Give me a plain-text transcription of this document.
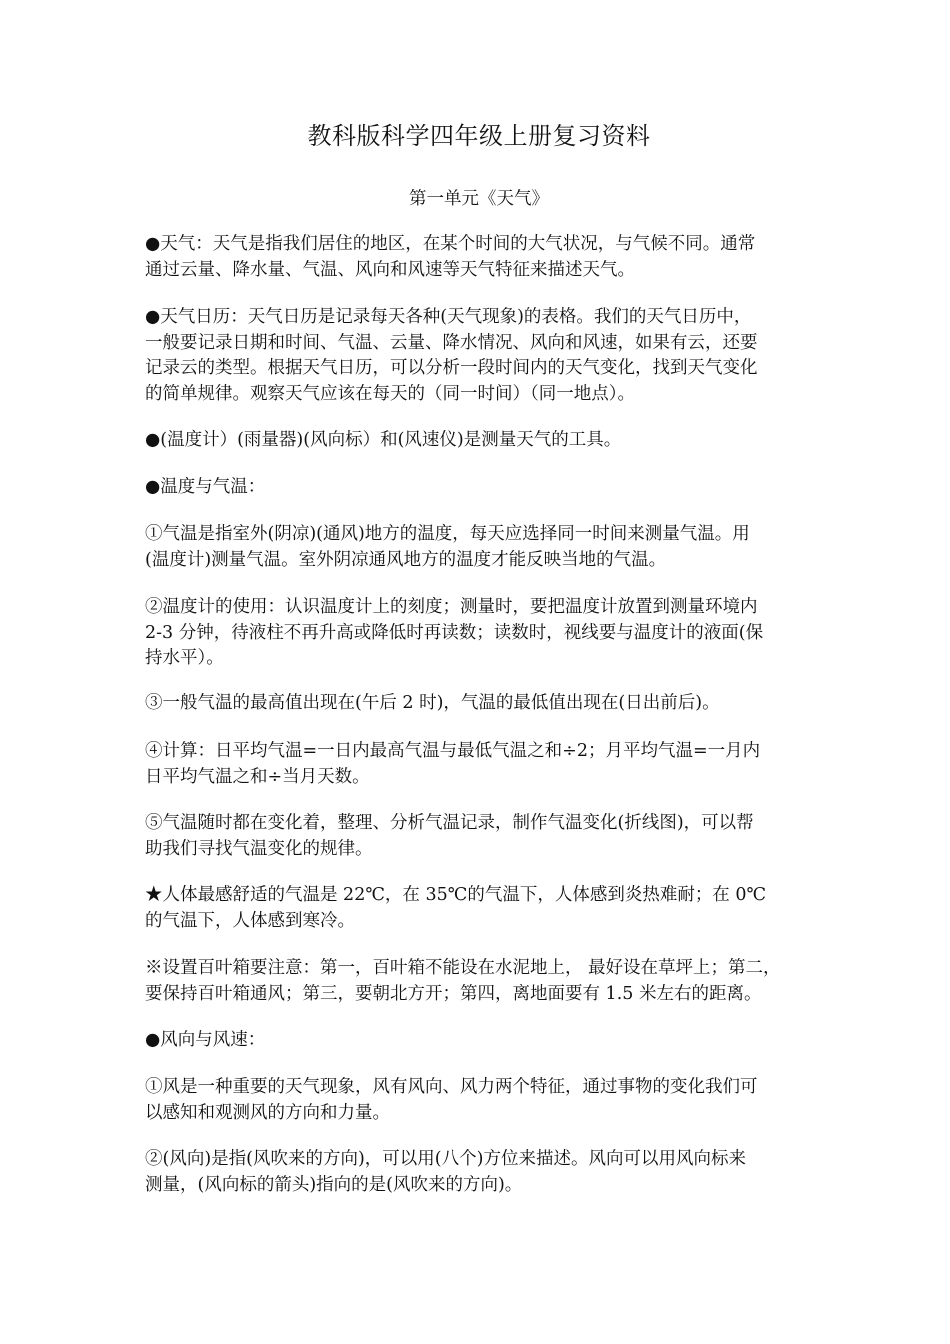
教科版科学四年级上册复习资料
第一单元《天气》
●天气：天气是指我们居住的地区，在某个时间的大气状况，与气候不同。通常
通过云量、降水量、气温、风向和风速等天气特征来描述天气。
●天气日历：天气日历是记录每天各种(天气现象)的表格。我们的天气日历中，
一般要记录日期和时间、气温、云量、降水情况、风向和风速，如果有云，还要
记录云的类型。根据天气日历，可以分析一段时间内的天气变化，找到天气变化
的简单规律。观察天气应该在每天的（同一时间）（同一地点）。
●(温度计）(雨量器)(风向标）和(风速仪)是测量天气的工具。
●温度与气温：
①气温是指室外(阴凉)(通风)地方的温度，每天应选择同一时间来测量气温。用
(温度计)测量气温。室外阴凉通风地方的温度才能反映当地的气温。
②温度计的使用：认识温度计上的刻度；测量时，要把温度计放置到测量环境内
2-3 分钟，待液柱不再升高或降低时再读数；读数时，视线要与温度计的液面(保
持水平）。
③一般气温的最高值出现在(午后 2 时)，气温的最低值出现在(日出前后)。
④计算：日平均气温=一日内最高气温与最低气温之和÷2；月平均气温=一月内
日平均气温之和÷当月天数。
⑤气温随时都在变化着，整理、分析气温记录，制作气温变化(折线图)，可以帮
助我们寻找气温变化的规律。
★人体最感舒适的气温是 22℃，在 35℃的气温下，人体感到炎热难耐；在 0℃
的气温下，人体感到寒冷。
※设置百叶箱要注意：第一，百叶箱不能设在水泥地上， 最好设在草坪上；第二，
要保持百叶箱通风；第三，要朝北方开；第四，离地面要有 1.5 米左右的距离。
●风向与风速：
①风是一种重要的天气现象，风有风向、风力两个特征，通过事物的变化我们可
以感知和观测风的方向和力量。
②(风向)是指(风吹来的方向)，可以用(八个)方位来描述。风向可以用风向标来
测量，(风向标的箭头)指向的是(风吹来的方向)。
